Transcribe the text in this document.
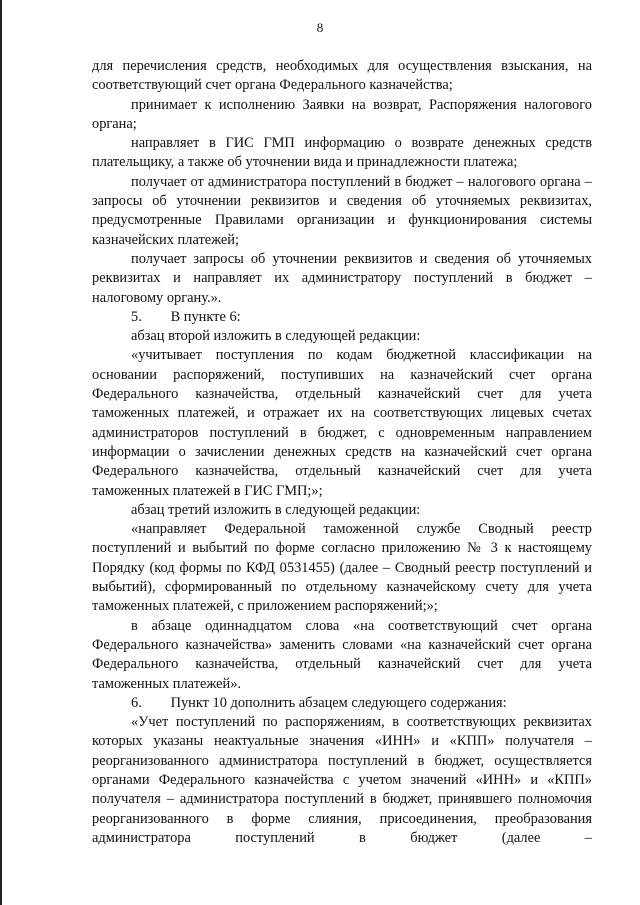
8

для перечисления средств, необходимых для осуществления взыскания, на соответствующий счет органа Федерального казначейства;

принимает к исполнению Заявки на возврат, Распоряжения налогового органа;

направляет в ГИС ГМП информацию о возврате денежных средств плательщику, а также об уточнении вида и принадлежности платежа;

получает от администратора поступлений в бюджет – налогового органа – запросы об уточнении реквизитов и сведения об уточняемых реквизитах, предусмотренные Правилами организации и функционирования системы казначейских платежей;

получает запросы об уточнении реквизитов и сведения об уточняемых реквизитах и направляет их администратору поступлений в бюджет – налоговому органу.».

5.  В пункте 6:

абзац второй изложить в следующей редакции:

«учитывает поступления по кодам бюджетной классификации на основании распоряжений, поступивших на казначейский счет органа Федерального казначейства, отдельный казначейский счет для учета таможенных платежей, и отражает их на соответствующих лицевых счетах администраторов поступлений в бюджет, с одновременным направлением информации о зачислении денежных средств на казначейский счет органа Федерального казначейства, отдельный казначейский счет для учета таможенных платежей в ГИС ГМП;»;

абзац третий изложить в следующей редакции:

«направляет Федеральной таможенной службе Сводный реестр поступлений и выбытий по форме согласно приложению № 3 к настоящему Порядку (код формы по КФД 0531455) (далее – Сводный реестр поступлений и выбытий), сформированный по отдельному казначейскому счету для учета таможенных платежей, с приложением распоряжений;»;

в абзаце одиннадцатом слова «на соответствующий счет органа Федерального казначейства» заменить словами «на казначейский счет органа Федерального казначейства, отдельный казначейский счет для учета таможенных платежей».

6.  Пункт 10 дополнить абзацем следующего содержания:

«Учет поступлений по распоряжениям, в соответствующих реквизитах которых указаны неактуальные значения «ИНН» и «КПП» получателя – реорганизованного администратора поступлений в бюджет, осуществляется органами Федерального казначейства с учетом значений «ИНН» и «КПП» получателя – администратора поступлений в бюджет, принявшего полномочия реорганизованного в форме слияния, присоединения, преобразования администратора поступлений в бюджет (далее –
